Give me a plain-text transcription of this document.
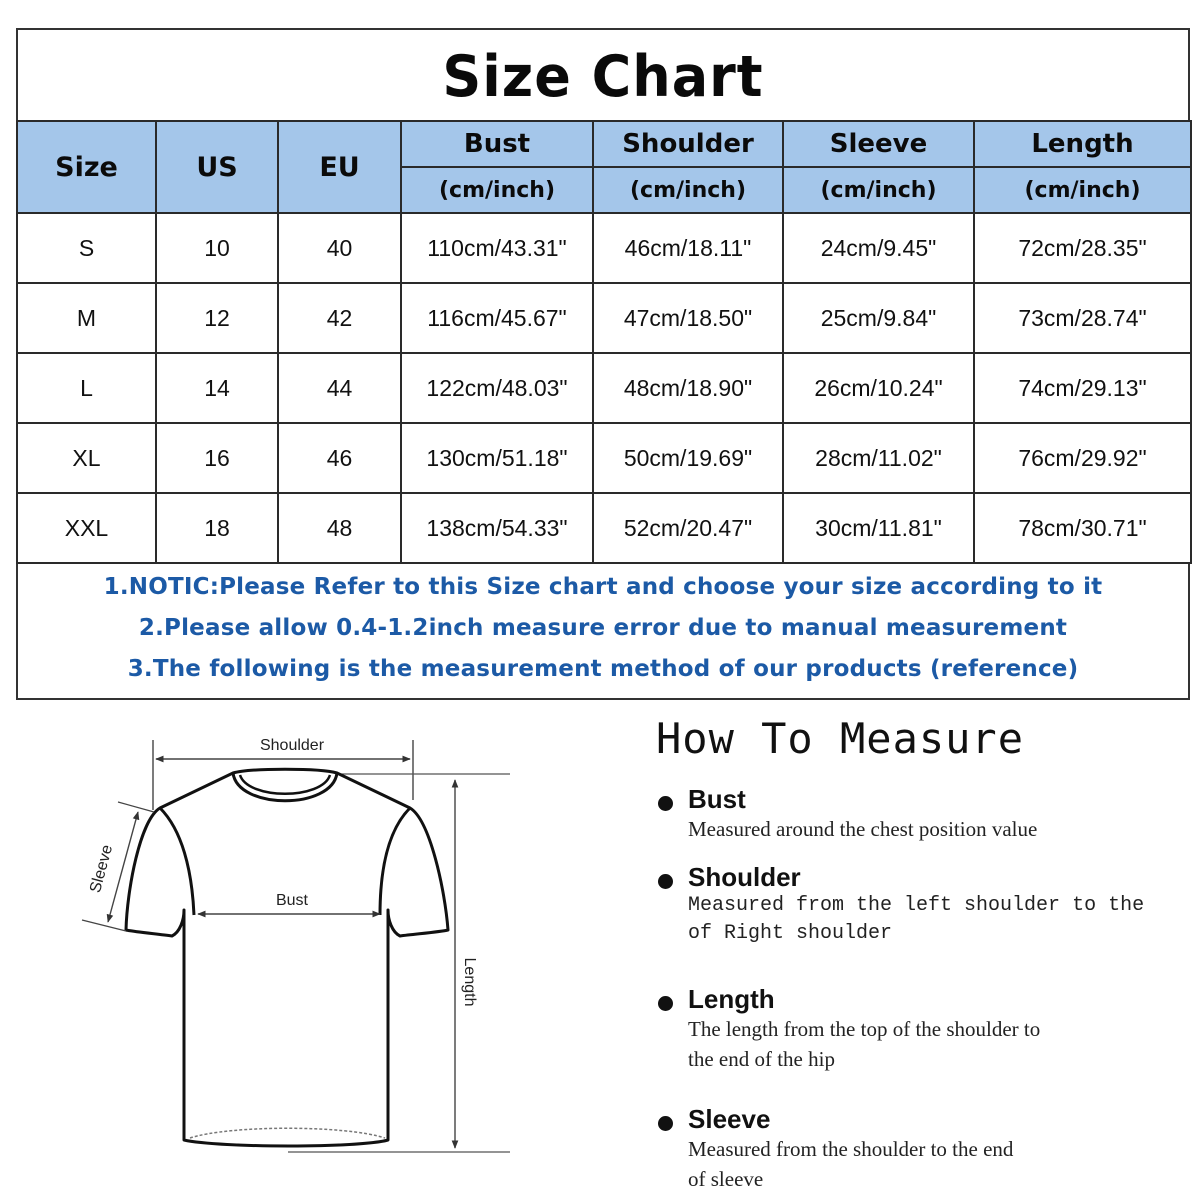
Size Chart
Size	US	EU	Bust	Shoulder	Sleeve	Length
			(cm/inch)	(cm/inch)	(cm/inch)	(cm/inch)
S	10	40	110cm/43.31"	46cm/18.11"	24cm/9.45"	72cm/28.35"
M	12	42	116cm/45.67"	47cm/18.50"	25cm/9.84"	73cm/28.74"
L	14	44	122cm/48.03"	48cm/18.90"	26cm/10.24"	74cm/29.13"
XL	16	46	130cm/51.18"	50cm/19.69"	28cm/11.02"	76cm/29.92"
XXL	18	48	138cm/54.33"	52cm/20.47"	30cm/11.81"	78cm/30.71"
1.NOTIC:Please Refer to this Size chart and choose your size according to it
2.Please allow 0.4-1.2inch measure error due to manual measurement
3.The following is the measurement method of our products (reference)
Shoulder
Length
Bust
Sleeve
How To Measure
Bust
Measured around the chest position value
Shoulder
Measured from the left shoulder to the
of Right shoulder
Length
The length from the top of the shoulder to
the end of the hip
Sleeve
Measured from the shoulder to the end
of sleeve
